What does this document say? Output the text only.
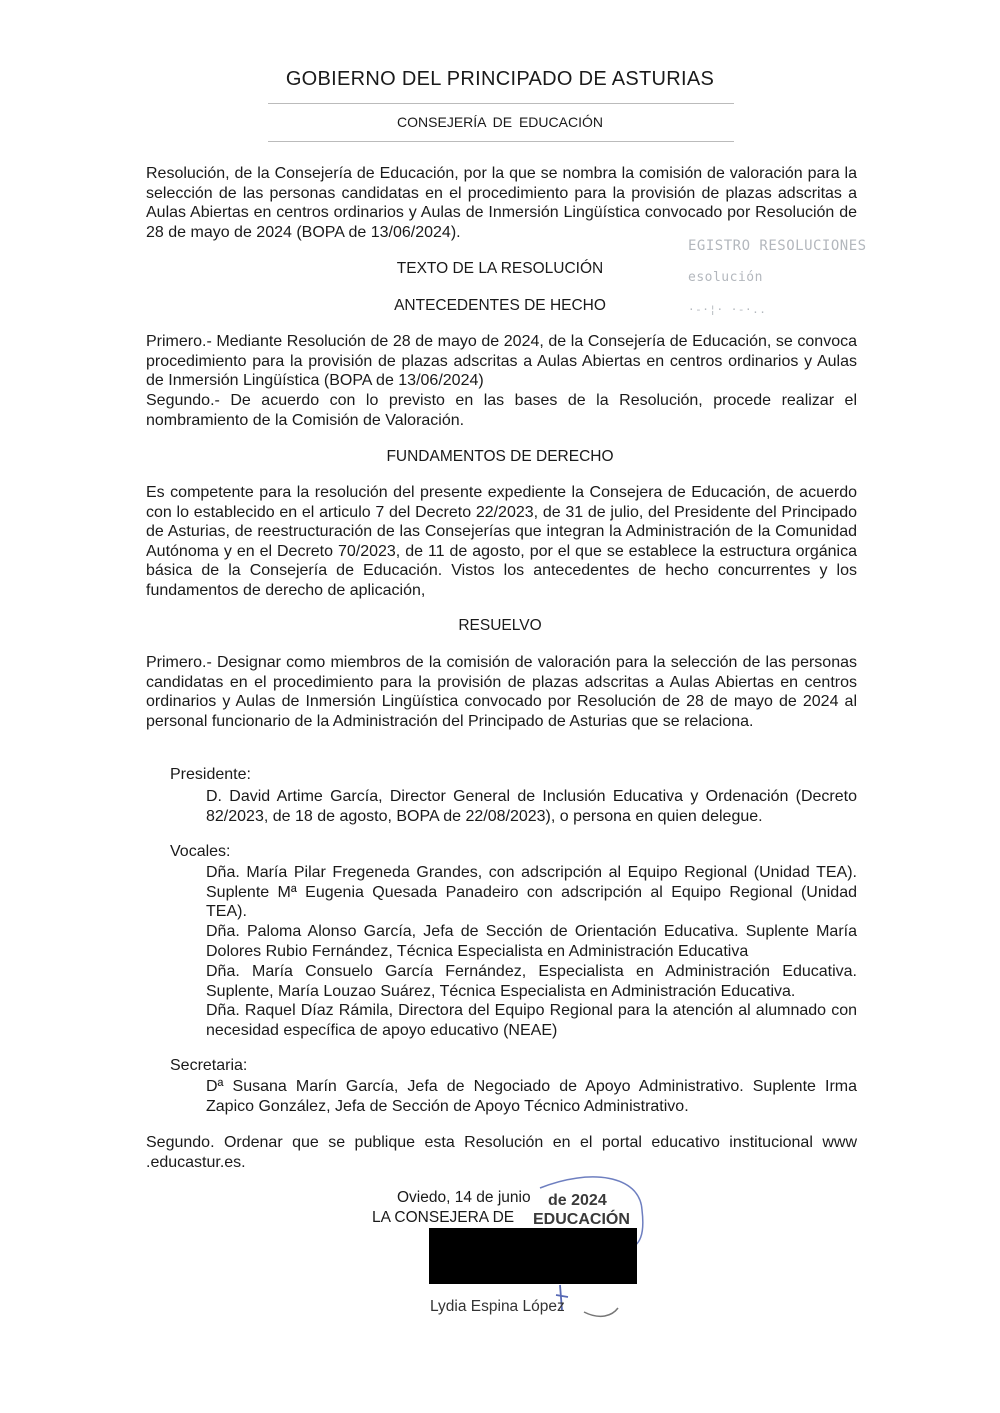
GOBIERNO DEL PRINCIPADO DE ASTURIAS
CONSEJERÍA DE EDUCACIÓN
Resolución, de la Consejería de Educación, por la que se nombra la comisión de valoración para la selección de las personas candidatas en el procedimiento para la provisión de plazas adscritas a Aulas Abiertas en centros ordinarios y Aulas de Inmersión Lingüística convocado por Resolución de 28 de mayo de 2024 (BOPA de 13/06/2024).
EGISTRO RESOLUCIONES
esolución
·-·¦· ·-·..
TEXTO DE LA RESOLUCIÓN
ANTECEDENTES DE HECHO
Primero.- Mediante Resolución de 28 de mayo de 2024, de la Consejería de Educación, se convoca procedimiento para la provisión de plazas adscritas a Aulas Abiertas en centros ordinarios y Aulas de Inmersión Lingüística (BOPA de 13/06/2024)
Segundo.- De acuerdo con lo previsto en las bases de la Resolución, procede realizar el nombramiento de la Comisión de Valoración.
FUNDAMENTOS DE DERECHO
Es competente para la resolución del presente expediente la Consejera de Educación, de acuerdo con lo establecido en el articulo 7 del Decreto 22/2023, de 31 de julio, del Presidente del Principado de Asturias, de reestructuración de las Consejerías que integran la Administración de la Comunidad Autónoma y en el Decreto 70/2023, de 11 de agosto, por el que se establece la estructura orgánica básica de la Consejería de Educación. Vistos los antecedentes de hecho concurrentes y los fundamentos de derecho de aplicación,
RESUELVO
Primero.- Designar como miembros de la comisión de valoración para la selección de las personas candidatas en el procedimiento para la provisión de plazas adscritas a Aulas Abiertas en centros ordinarios y Aulas de Inmersión Lingüística convocado por Resolución de 28 de mayo de 2024 al personal funcionario de la Administración del Principado de Asturias que se relaciona.
Presidente:
D. David Artime García, Director General de Inclusión Educativa y Ordenación (Decreto 82/2023, de 18 de agosto, BOPA de 22/08/2023), o persona en quien delegue.
Vocales:
Dña. María Pilar Fregeneda Grandes, con adscripción al Equipo Regional (Unidad TEA). Suplente Mª Eugenia Quesada Panadeiro con adscripción al Equipo Regional (Unidad TEA).
Dña. Paloma Alonso García, Jefa de Sección de Orientación Educativa. Suplente María Dolores Rubio Fernández, Técnica Especialista en Administración Educativa
Dña. María Consuelo García Fernández, Especialista en Administración Educativa. Suplente, María Louzao Suárez, Técnica Especialista en Administración Educativa.
Dña. Raquel Díaz Rámila, Directora del Equipo Regional para la atención al alumnado con necesidad específica de apoyo educativo (NEAE)
Secretaria:
Dª Susana Marín García, Jefa de Negociado de Apoyo Administrativo. Suplente Irma Zapico González, Jefa de Sección de Apoyo Técnico Administrativo.
Segundo. Ordenar que se publique esta Resolución en el portal educativo institucional www .educastur.es.
Oviedo, 14 de junio
LA CONSEJERA DE
de 2024
EDUCACIÓN
Lydia Espina López
